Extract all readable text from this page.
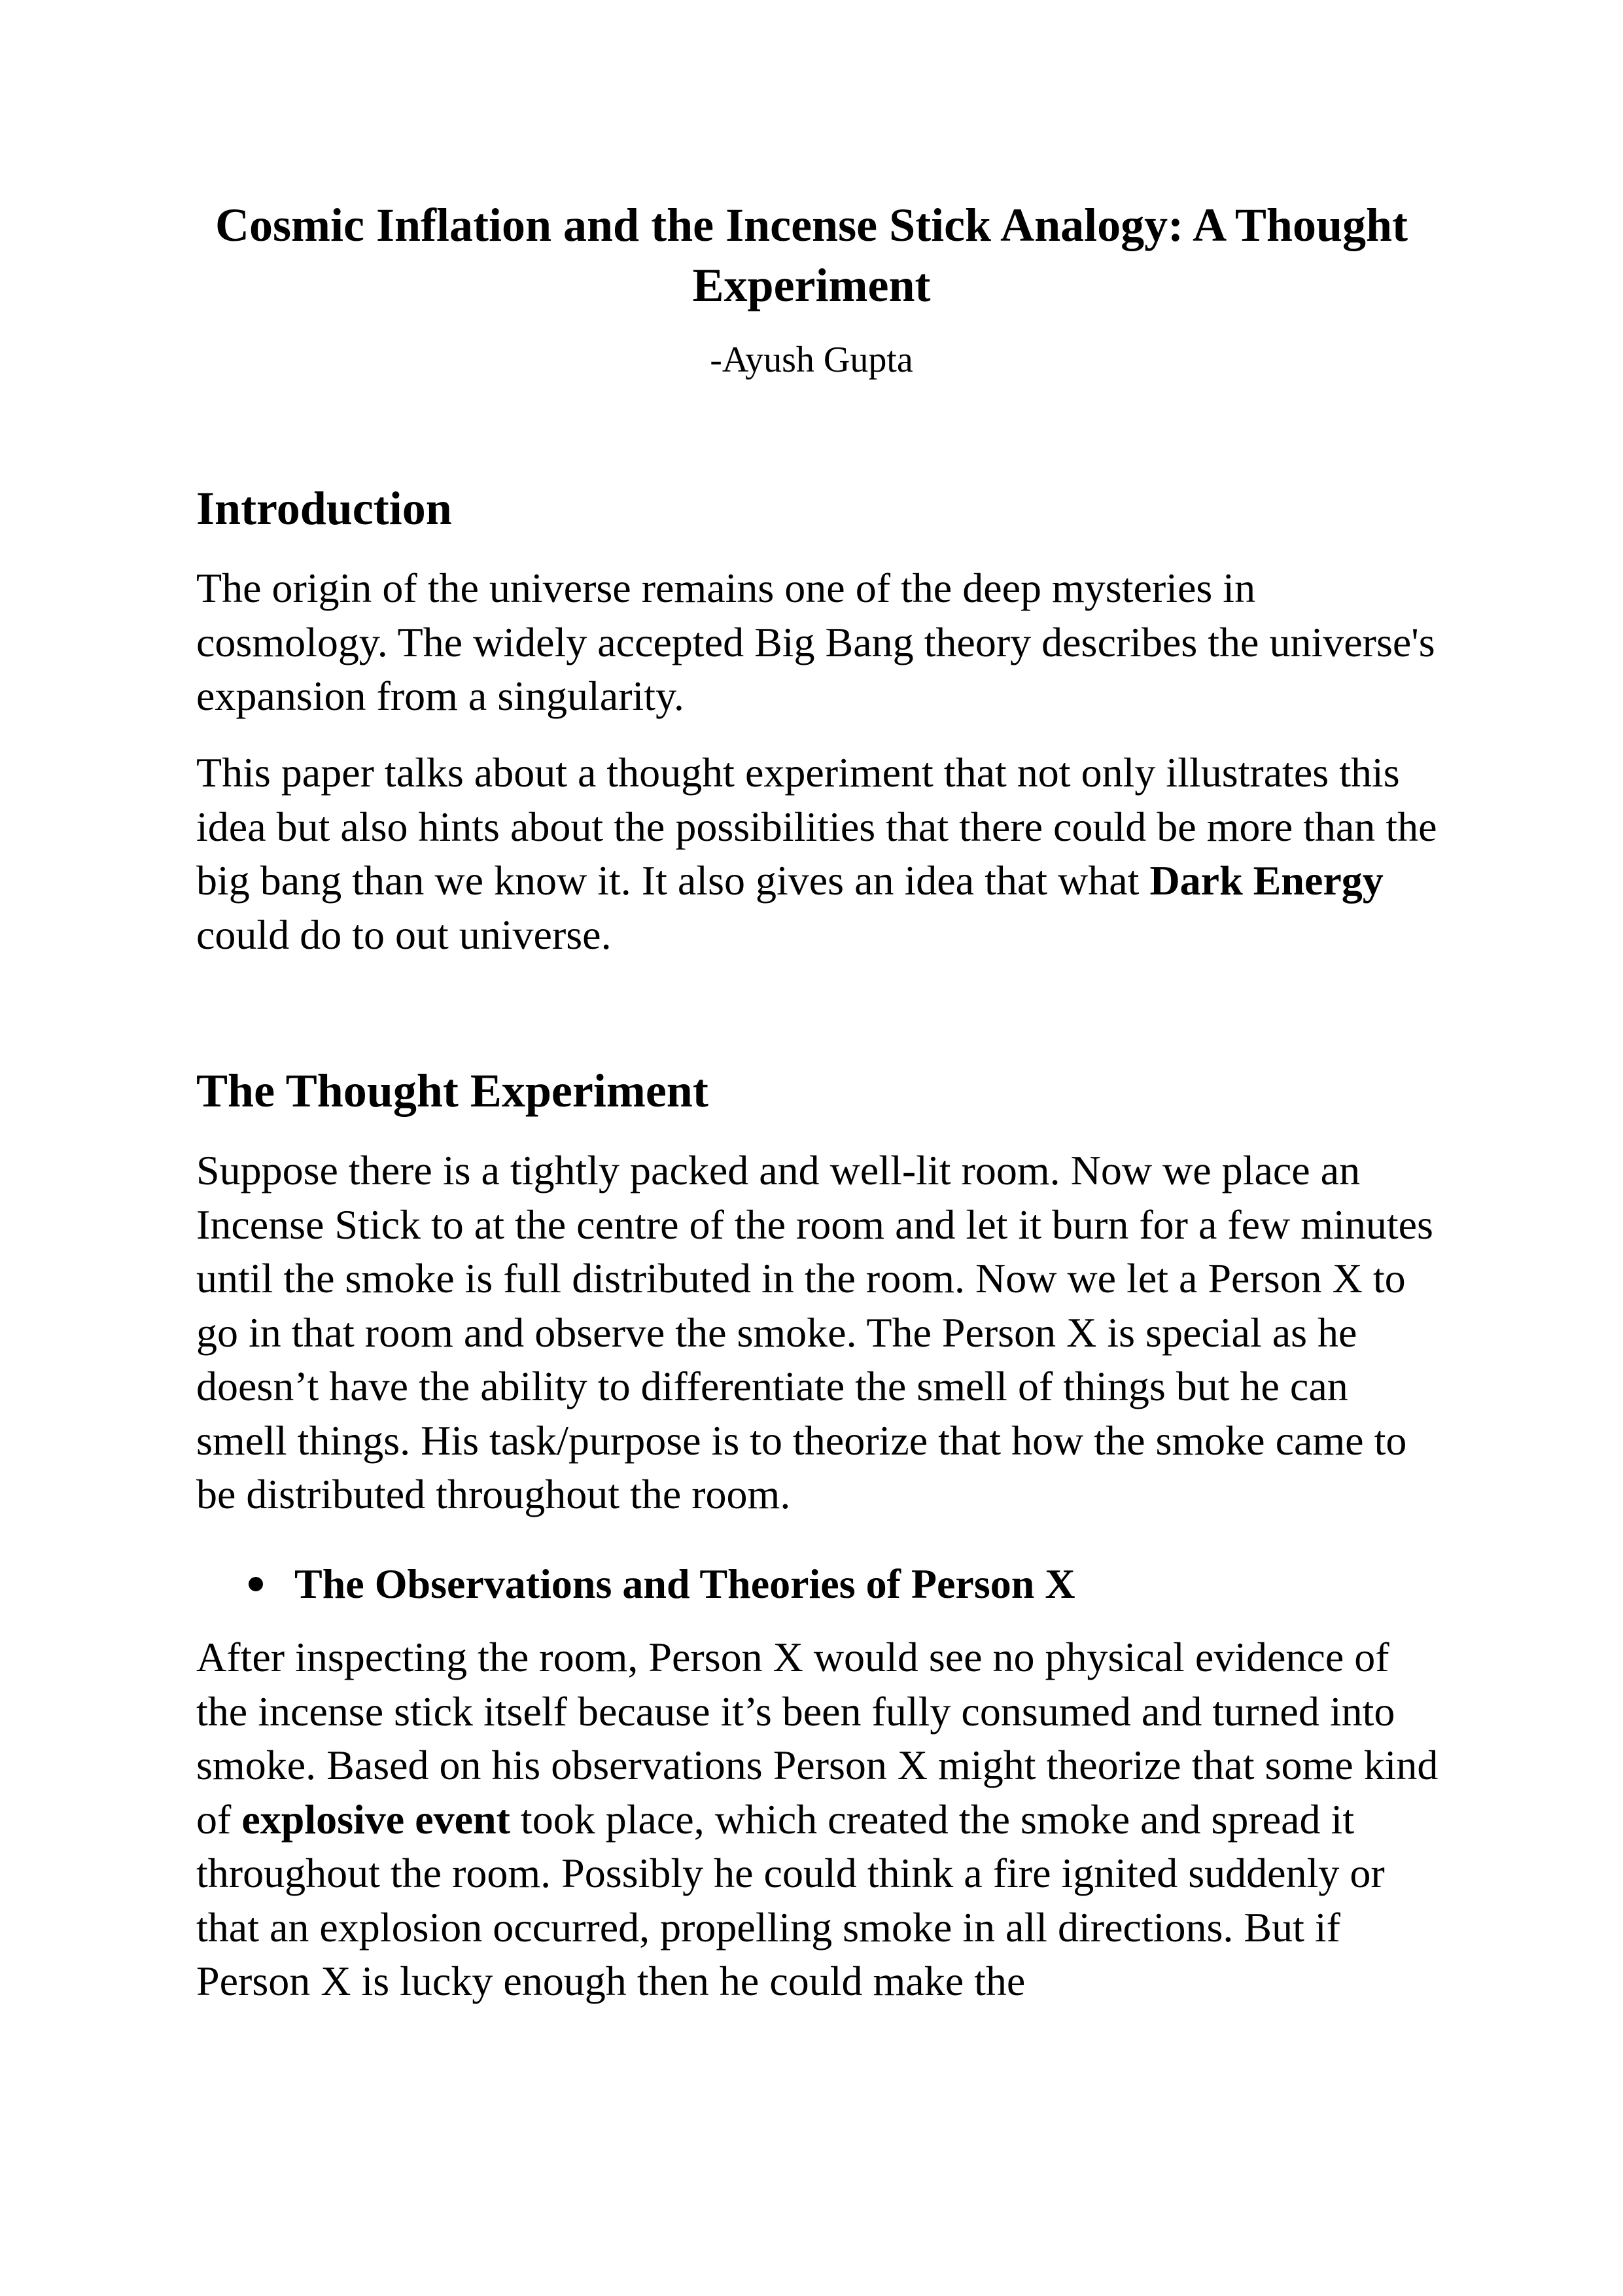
Cosmic Inflation and the Incense Stick Analogy: A Thought Experiment

-Ayush Gupta

Introduction

The origin of the universe remains one of the deep mysteries in cosmology. The widely accepted Big Bang theory describes the universe's expansion from a singularity.

This paper talks about a thought experiment that not only illustrates this idea but also hints about the possibilities that there could be more than the big bang than we know it. It also gives an idea that what Dark Energy could do to out universe.

The Thought Experiment

Suppose there is a tightly packed and well-lit room. Now we place an Incense Stick to at the centre of the room and let it burn for a few minutes until the smoke is full distributed in the room. Now we let a Person X to go in that room and observe the smoke. The Person X is special as he doesn’t have the ability to differentiate the smell of things but he can smell things. His task/purpose is to theorize that how the smoke came to be distributed throughout the room.

The Observations and Theories of Person X

After inspecting the room, Person X would see no physical evidence of the incense stick itself because it’s been fully consumed and turned into smoke. Based on his observations Person X might theorize that some kind of explosive event took place, which created the smoke and spread it throughout the room. Possibly he could think a fire ignited suddenly or that an explosion occurred, propelling smoke in all directions. But if Person X is lucky enough then he could make the
